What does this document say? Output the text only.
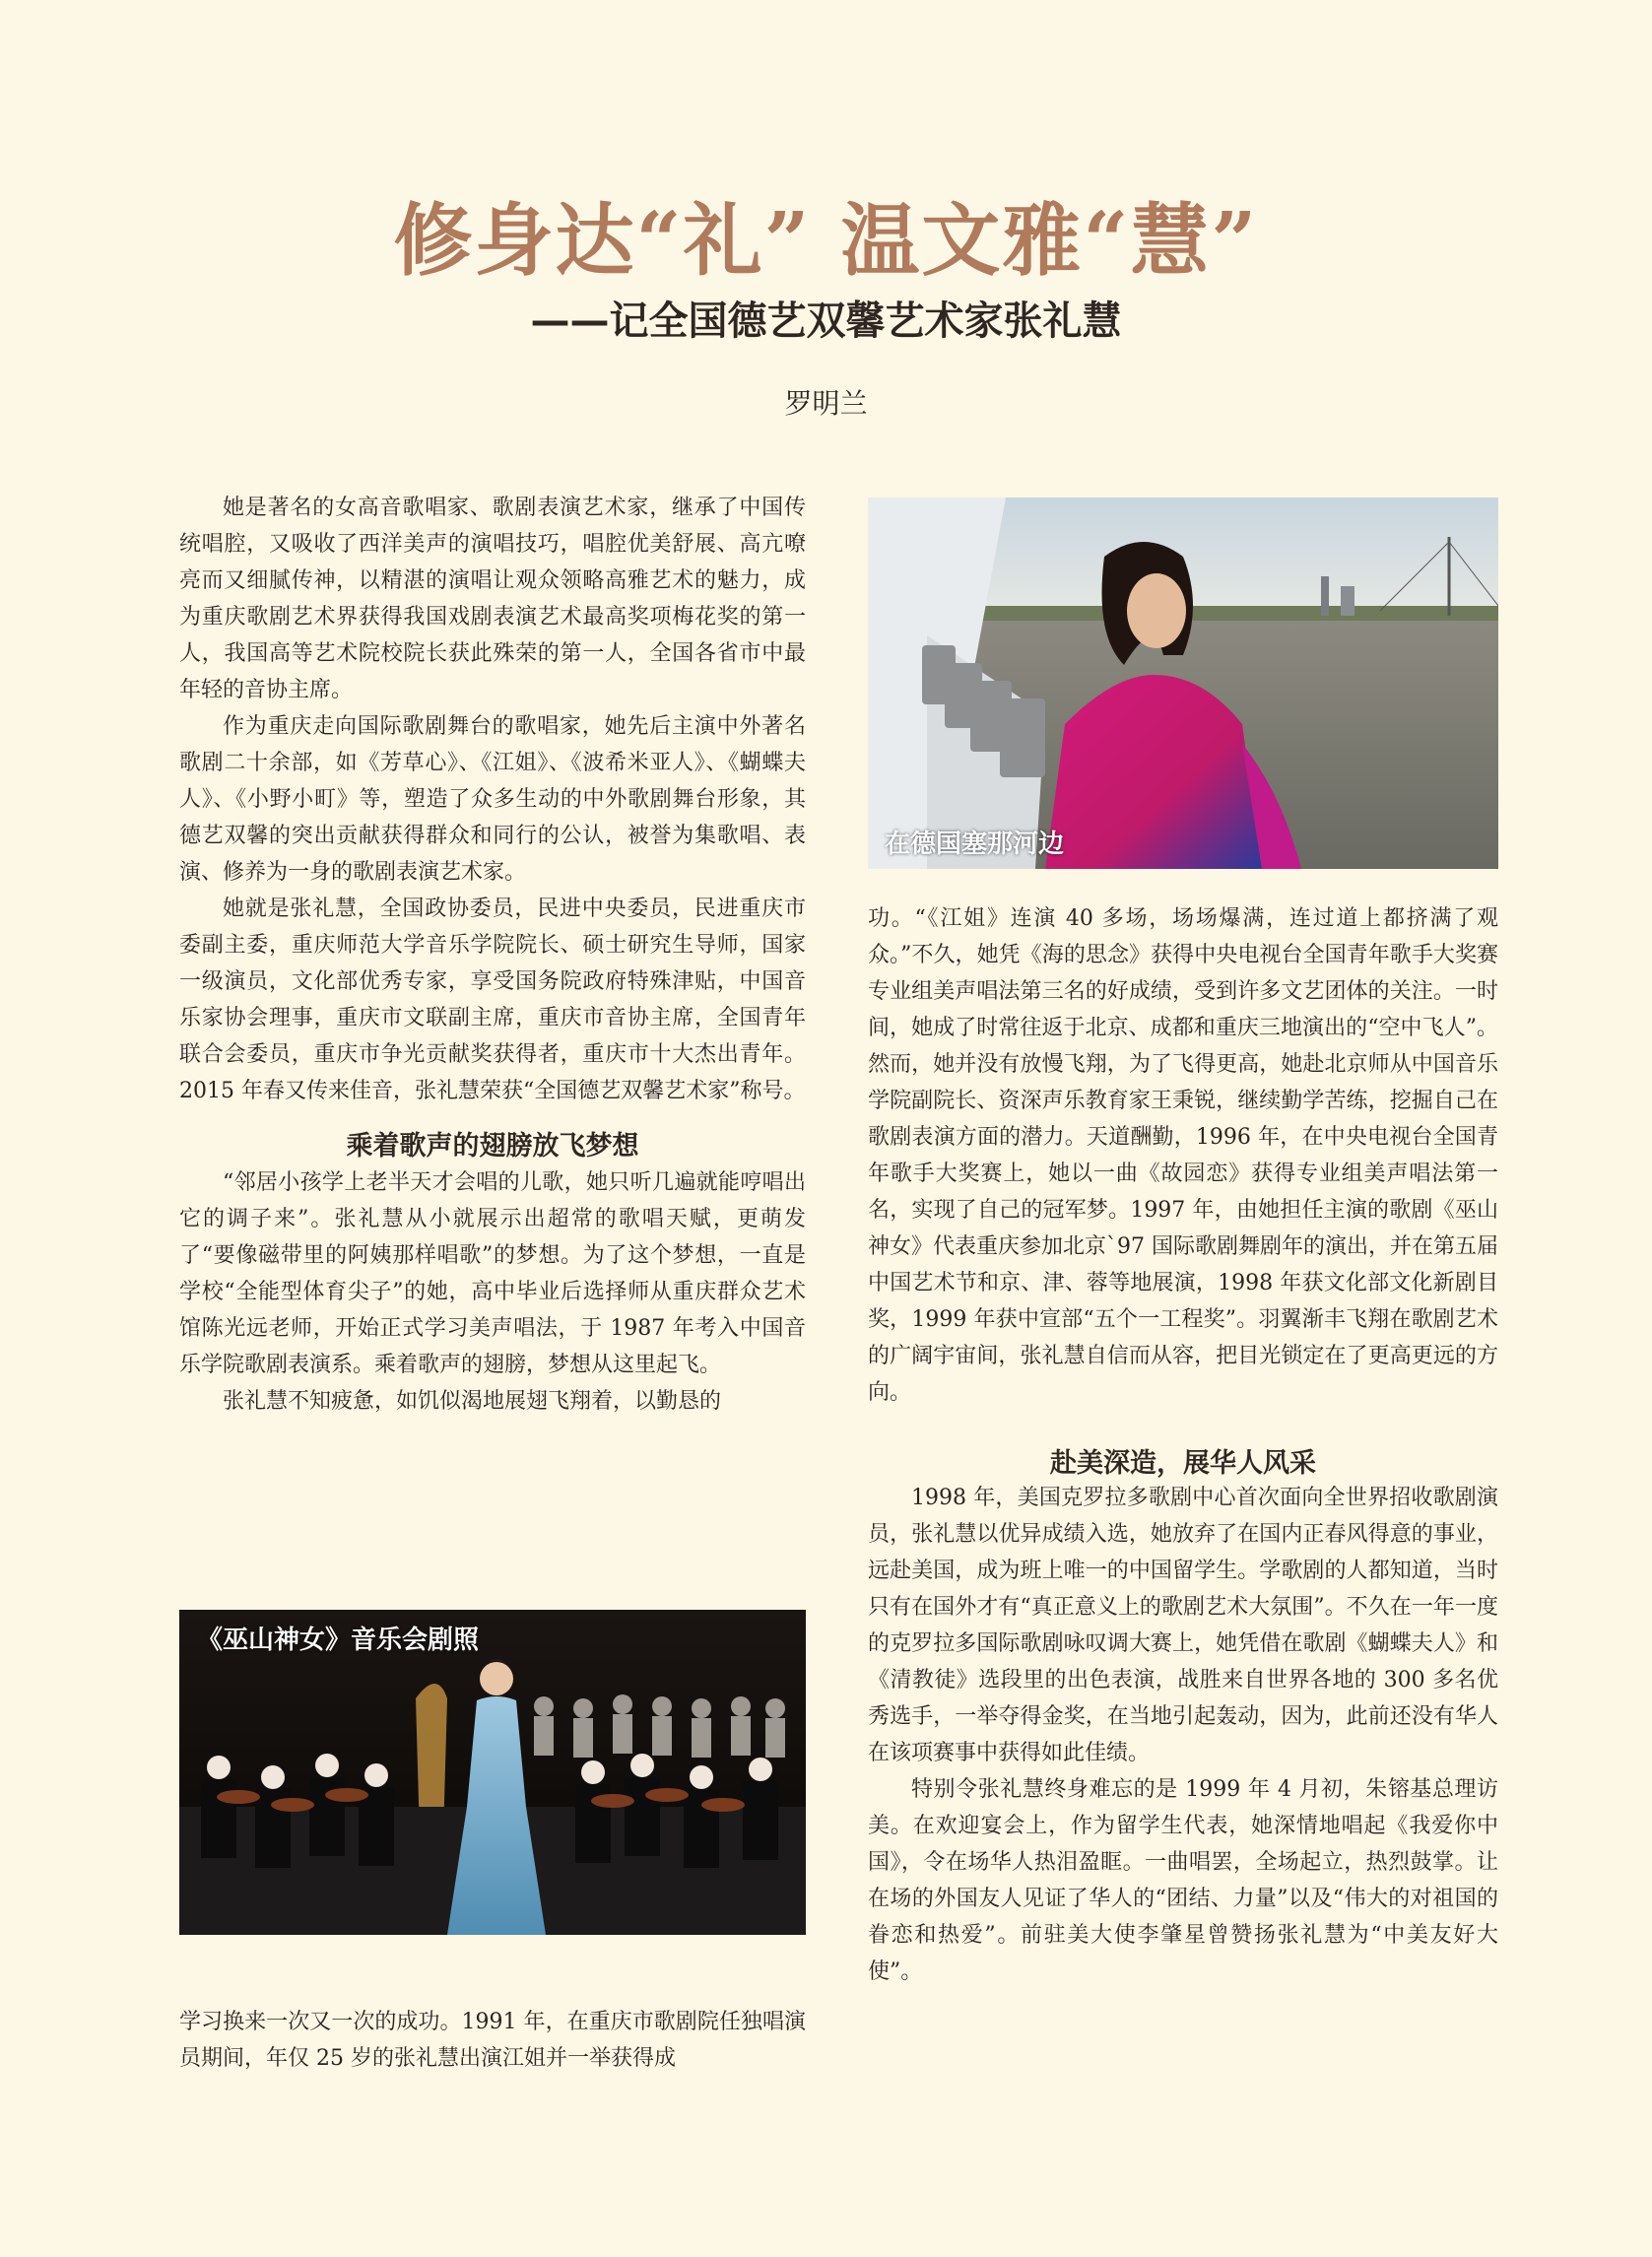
修身达“礼” 温文雅“慧”
——记全国德艺双馨艺术家张礼慧
罗明兰

她是著名的女高音歌唱家、歌剧表演艺术家，继承了中国传统唱腔，又吸收了西洋美声的演唱技巧，唱腔优美舒展、高亢嘹亮而又细腻传神，以精湛的演唱让观众领略高雅艺术的魅力，成为重庆歌剧艺术界获得我国戏剧表演艺术最高奖项梅花奖的第一人，我国高等艺术院校院长获此殊荣的第一人，全国各省市中最年轻的音协主席。

作为重庆走向国际歌剧舞台的歌唱家，她先后主演中外著名歌剧二十余部，如《芳草心》、《江姐》、《波希米亚人》、《蝴蝶夫人》、《小野小町》等，塑造了众多生动的中外歌剧舞台形象，其德艺双馨的突出贡献获得群众和同行的公认，被誉为集歌唱、表演、修养为一身的歌剧表演艺术家。

她就是张礼慧，全国政协委员，民进中央委员，民进重庆市委副主委，重庆师范大学音乐学院院长、硕士研究生导师，国家一级演员，文化部优秀专家，享受国务院政府特殊津贴，中国音乐家协会理事，重庆市文联副主席，重庆市音协主席，全国青年联合会委员，重庆市争光贡献奖获得者，重庆市十大杰出青年。2015 年春又传来佳音，张礼慧荣获“全国德艺双馨艺术家”称号。

乘着歌声的翅膀放飞梦想

“邻居小孩学上老半天才会唱的儿歌，她只听几遍就能哼唱出它的调子来”。张礼慧从小就展示出超常的歌唱天赋，更萌发了“要像磁带里的阿姨那样唱歌”的梦想。为了这个梦想，一直是学校“全能型体育尖子”的她，高中毕业后选择师从重庆群众艺术馆陈光远老师，开始正式学习美声唱法，于 1987 年考入中国音乐学院歌剧表演系。乘着歌声的翅膀，梦想从这里起飞。

张礼慧不知疲惫，如饥似渴地展翅飞翔着，以勤恳的

《巫山神女》音乐会剧照

学习换来一次又一次的成功。1991 年，在重庆市歌剧院任独唱演员期间，年仅 25 岁的张礼慧出演江姐并一举获得成

在德国塞那河边

功。“《江姐》连演 40 多场，场场爆满，连过道上都挤满了观众。”不久，她凭《海的思念》获得中央电视台全国青年歌手大奖赛专业组美声唱法第三名的好成绩，受到许多文艺团体的关注。一时间，她成了时常往返于北京、成都和重庆三地演出的“空中飞人”。然而，她并没有放慢飞翔，为了飞得更高，她赴北京师从中国音乐学院副院长、资深声乐教育家王秉锐，继续勤学苦练，挖掘自己在歌剧表演方面的潜力。天道酬勤，1996 年，在中央电视台全国青年歌手大奖赛上，她以一曲《故园恋》获得专业组美声唱法第一名，实现了自己的冠军梦。1997 年，由她担任主演的歌剧《巫山神女》代表重庆参加北京`97 国际歌剧舞剧年的演出，并在第五届中国艺术节和京、津、蓉等地展演，1998 年获文化部文化新剧目奖，1999 年获中宣部“五个一工程奖”。羽翼渐丰飞翔在歌剧艺术的广阔宇宙间，张礼慧自信而从容，把目光锁定在了更高更远的方向。

赴美深造，展华人风采

1998 年，美国克罗拉多歌剧中心首次面向全世界招收歌剧演员，张礼慧以优异成绩入选，她放弃了在国内正春风得意的事业，远赴美国，成为班上唯一的中国留学生。学歌剧的人都知道，当时只有在国外才有“真正意义上的歌剧艺术大氛围”。不久在一年一度的克罗拉多国际歌剧咏叹调大赛上，她凭借在歌剧《蝴蝶夫人》和《清教徒》选段里的出色表演，战胜来自世界各地的 300 多名优秀选手，一举夺得金奖，在当地引起轰动，因为，此前还没有华人在该项赛事中获得如此佳绩。

特别令张礼慧终身难忘的是 1999 年 4 月初，朱镕基总理访美。在欢迎宴会上，作为留学生代表，她深情地唱起《我爱你中国》，令在场华人热泪盈眶。一曲唱罢，全场起立，热烈鼓掌。让在场的外国友人见证了华人的“团结、力量”以及“伟大的对祖国的眷恋和热爱”。前驻美大使李肇星曾赞扬张礼慧为“中美友好大使”。
